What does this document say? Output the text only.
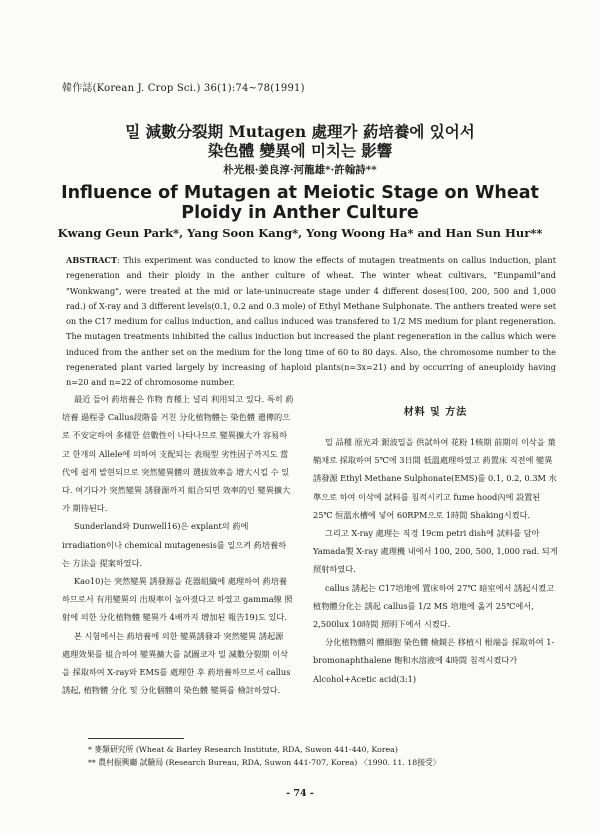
韓作誌(Korean J. Crop Sci.) 36(1):74~78(1991)
밀 減數分裂期 Mutagen 處理가 葯培養에 있어서
染色體 變異에 미치는 影響
朴光根·姜良淳·河龍雄*·許翰詩**
Influence of Mutagen at Meiotic Stage on Wheat
Ploidy in Anther Culture
Kwang Geun Park*, Yang Soon Kang*, Yong Woong Ha* and Han Sun Hur**
ABSTRACT: This experiment was conducted to know the effects of mutagen treatments on callus induction, plant regeneration and their ploidy in the anther culture of wheat. The winter wheat cultivars, "Eunpamil"and "Wonkwang", were treated at the mid or late-uninucreate stage under 4 different doses(100, 200, 500 and 1,000 rad.) of X-ray and 3 different levels(0.1, 0.2 and 0.3 mole) of Ethyl Methane Sulphonate. The anthers treated were set on the C17 medium for callus induction, and callus induced was transfered to 1/2 MS medium for plant regeneration. The mutagen treatments inhibited the callus induction but increased the plant regeneration in the callus which were induced from the anther set on the medium for the long time of 60 to 80 days. Also, the chromosome number to the regenerated plant varied largely by increasing of haploid plants(n=3x=21) and by occurring of aneuploidy having n=20 and n=22 of chromosome number.

最近 들어 葯培養은 作物 育種上 널리 利用되고 있다. 특히 葯培養 過程중 Callus段階를 거친 分化植物體는 染色體 遺傳的으로 不安定하여 多樣한 倍數性이 나타나므로 變異擴大가 容易하고 한개의 Allele에 의하여 支配되는 表現型 劣性因子까지도 當代에 쉽게 발현되므로 突然變異體의 選拔效率을 增大시킬 수 있다. 여기다가 突然變異 誘發源까지 組合되면 效率的인 變異擴大가 期待된다.

Sunderland와 Dunwell16)은 explant의 葯에 irradiation이나 chemical mutagenesis를 일으켜 葯培養하는 方法을 提案하였다.

Kao10)는 突然變異 誘發源을 花器組織에 處理하여 葯培養하므로서 有用變異의 出現率이 높아졌다고 하였고 gamma線 照射에 의한 分化植物體 變異가 4배까지 增加된 報告19)도 있다.

본 시험에서는 葯培養에 의한 變異誘發과 突然變異 誘起源 處理效果를 組合하여 變異擴大를 試圖코자 밀 減數分裂期 이삭을 採取하여 X-ray와 EMS를 處理한 후 葯培養하므로서 callus 誘起, 植物體 分化 및 分化個體의 染色體 變異를 檢討하였다.

材料 및 方法

밀 品種 原光과 銀波밀을 供試하여 花粉 1核期 前期의 이삭을 葉鞘채로 採取하여 5℃에 3日間 低溫處理하였고 葯置床 직전에 變異誘發源 Ethyl Methane Sulphonate(EMS)를 0.1, 0.2, 0.3M 水準으로 하여 이삭에 試料를 침적시키고 fume hood內에 設置된 25℃ 恒溫水槽에 넣어 60RPM으로 1時間 Shaking시켰다.

그리고 X-ray 處理는 직경 19cm petri dish에 試料를 담아 Yamada製 X-ray 處理機 내에서 100, 200, 500, 1,000 rad. 되게 照射하였다.

callus 誘起는 C17培地에 置床하여 27℃ 暗室에서 誘起시켰고 植物體分化는 誘起 callus를 1/2 MS 培地에 옮겨 25℃에서, 2,500lux 10時間 照明下에서 시켰다.

分化植物體의 體細胞 染色體 檢鏡은 移植시 根端을 採取하여 1-bromonaphthalene 飽和水溶液에 4時間 침적시켰다가 Alcohol+Acetic acid(3:1)

* 麥類研究所 (Wheat & Barley Research Institute, RDA, Suwon 441-440, Korea)
** 農村振興廳 試驗局 (Research Bureau, RDA, Suwon 441-707, Korea) 〈1990. 11. 18接受〉
- 74 -
